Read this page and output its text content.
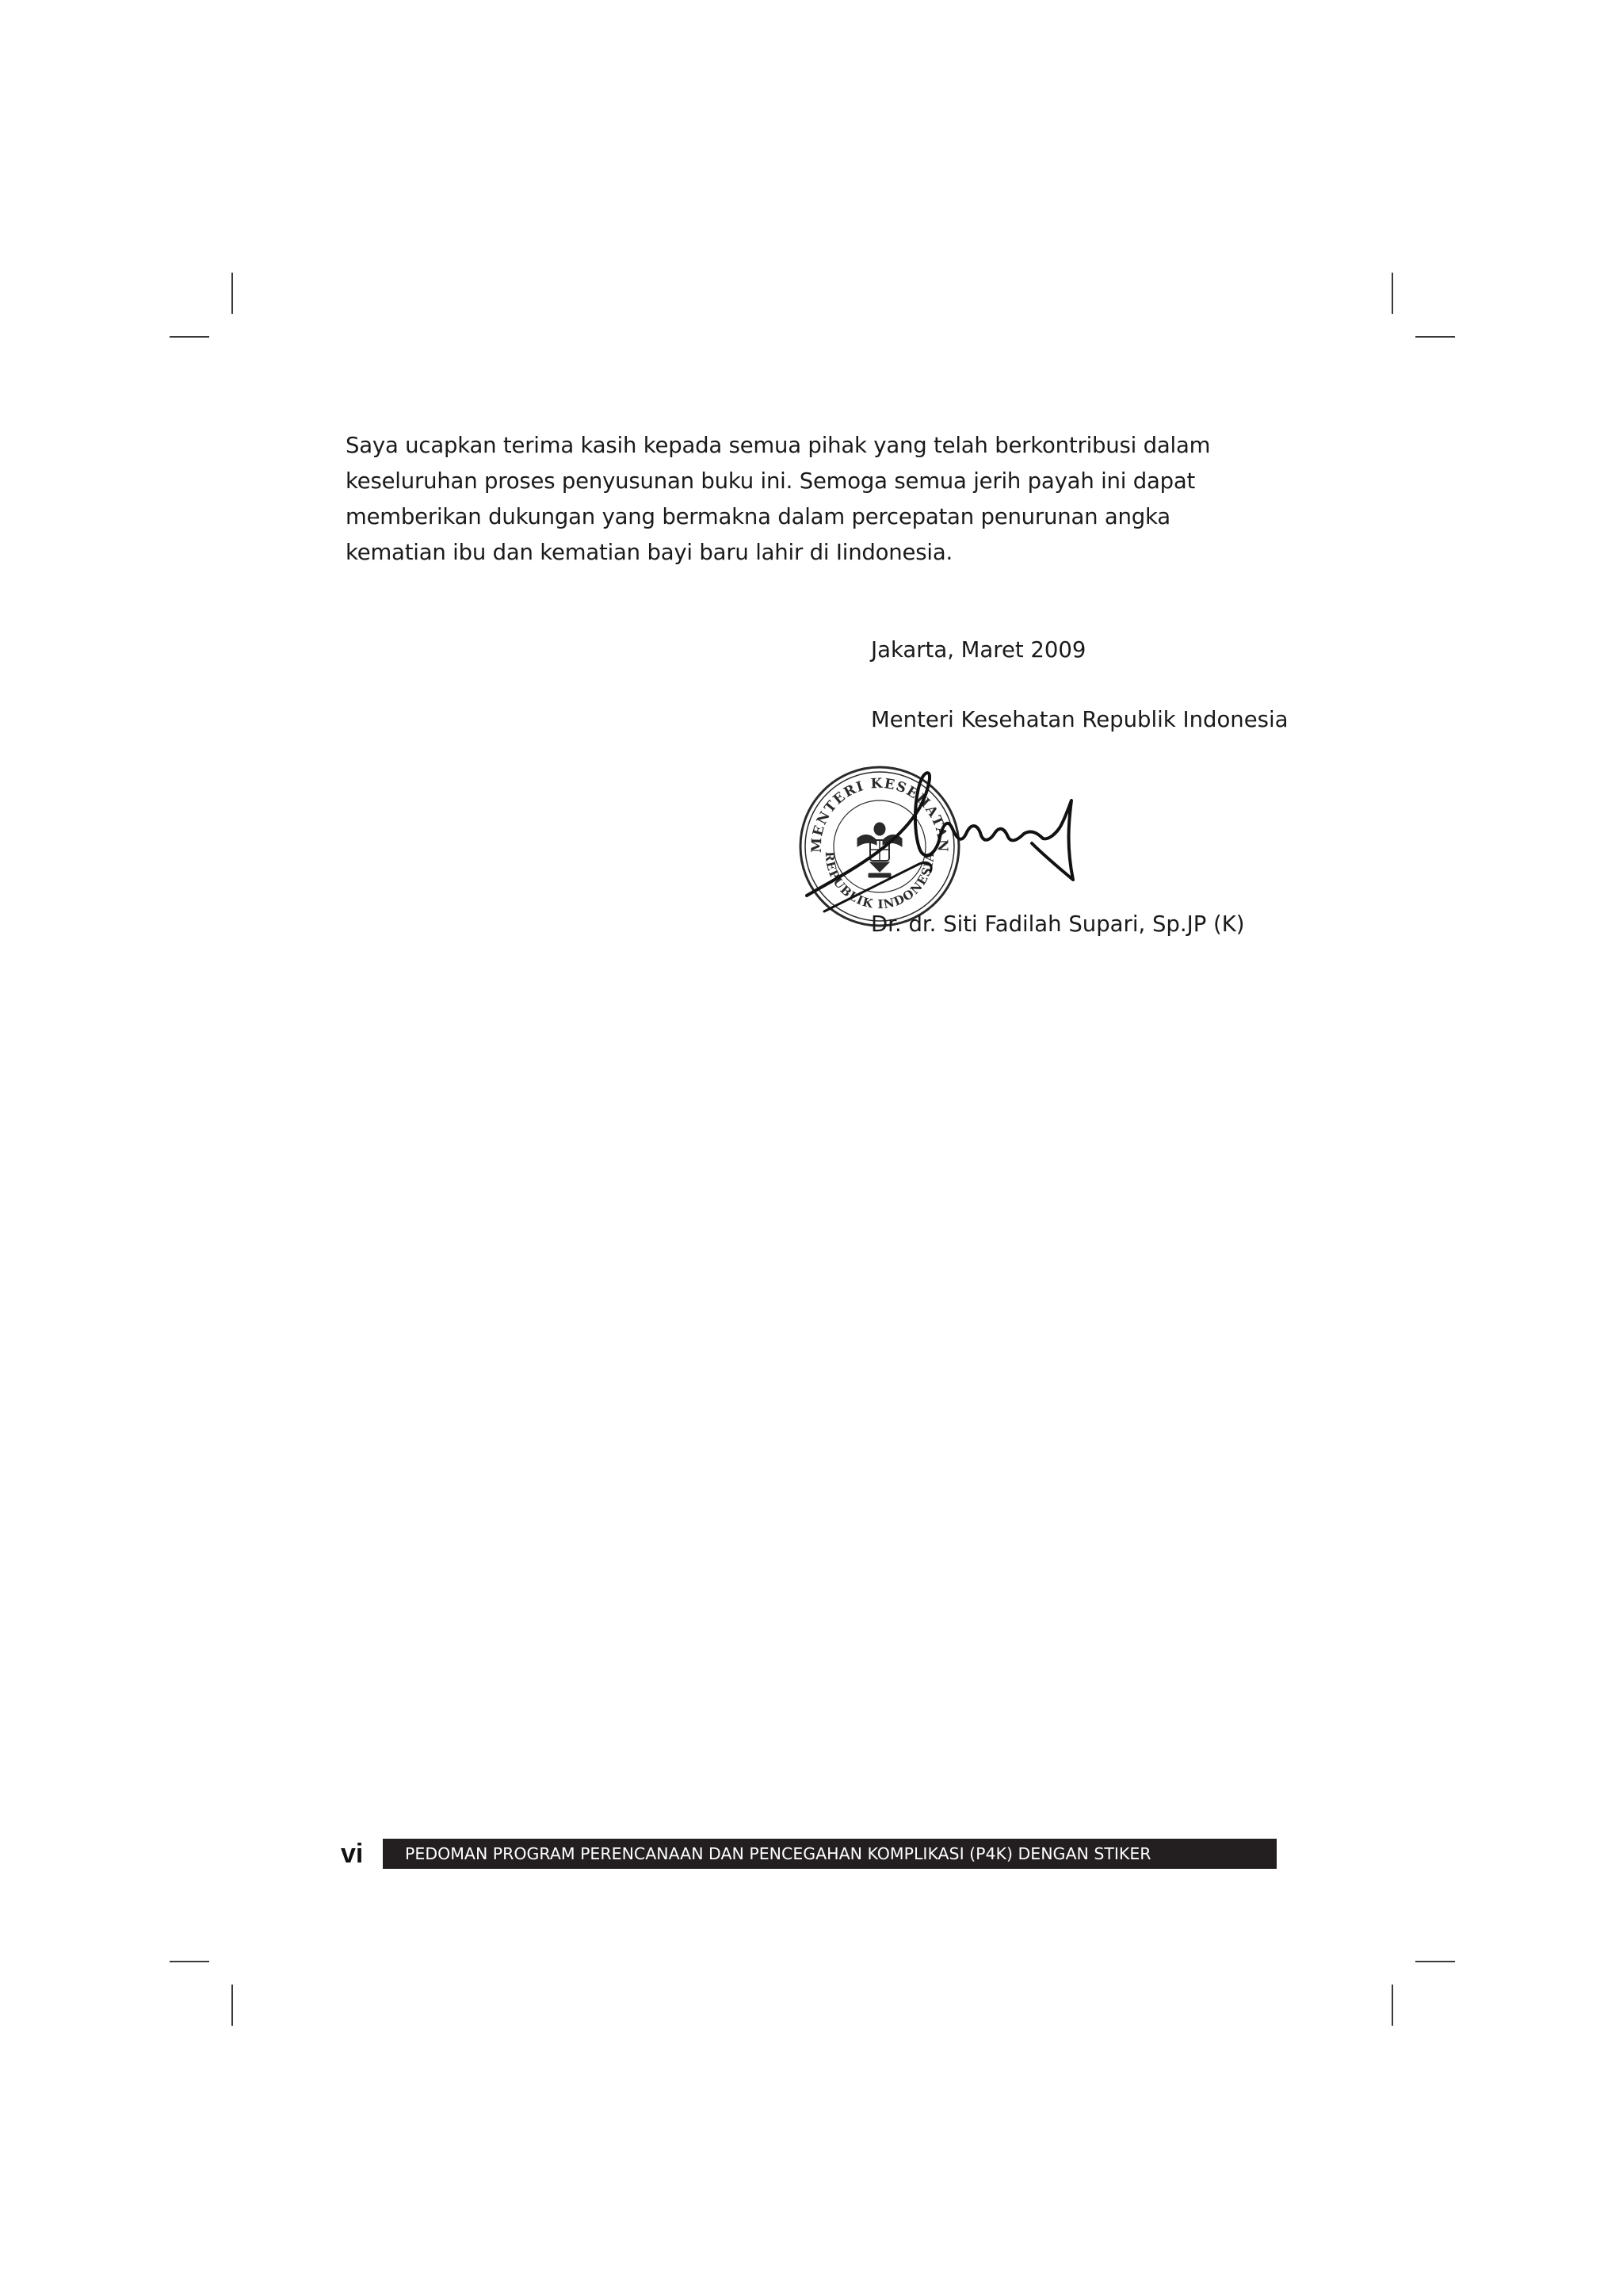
Saya ucapkan terima kasih kepada semua pihak yang telah berkontribusi dalam keseluruhan proses penyusunan buku ini. Semoga semua jerih payah ini dapat memberikan dukungan yang bermakna dalam percepatan penurunan angka kematian ibu dan kematian bayi baru lahir di Iindonesia.

Jakarta, Maret 2009

Menteri Kesehatan Republik Indonesia

MENTERI KESEHATAN
REPUBLIK INDONESIA

Dr. dr. Siti Fadilah Supari, Sp.JP (K)

vi	PEDOMAN PROGRAM PERENCANAAN DAN PENCEGAHAN KOMPLIKASI (P4K) DENGAN STIKER
